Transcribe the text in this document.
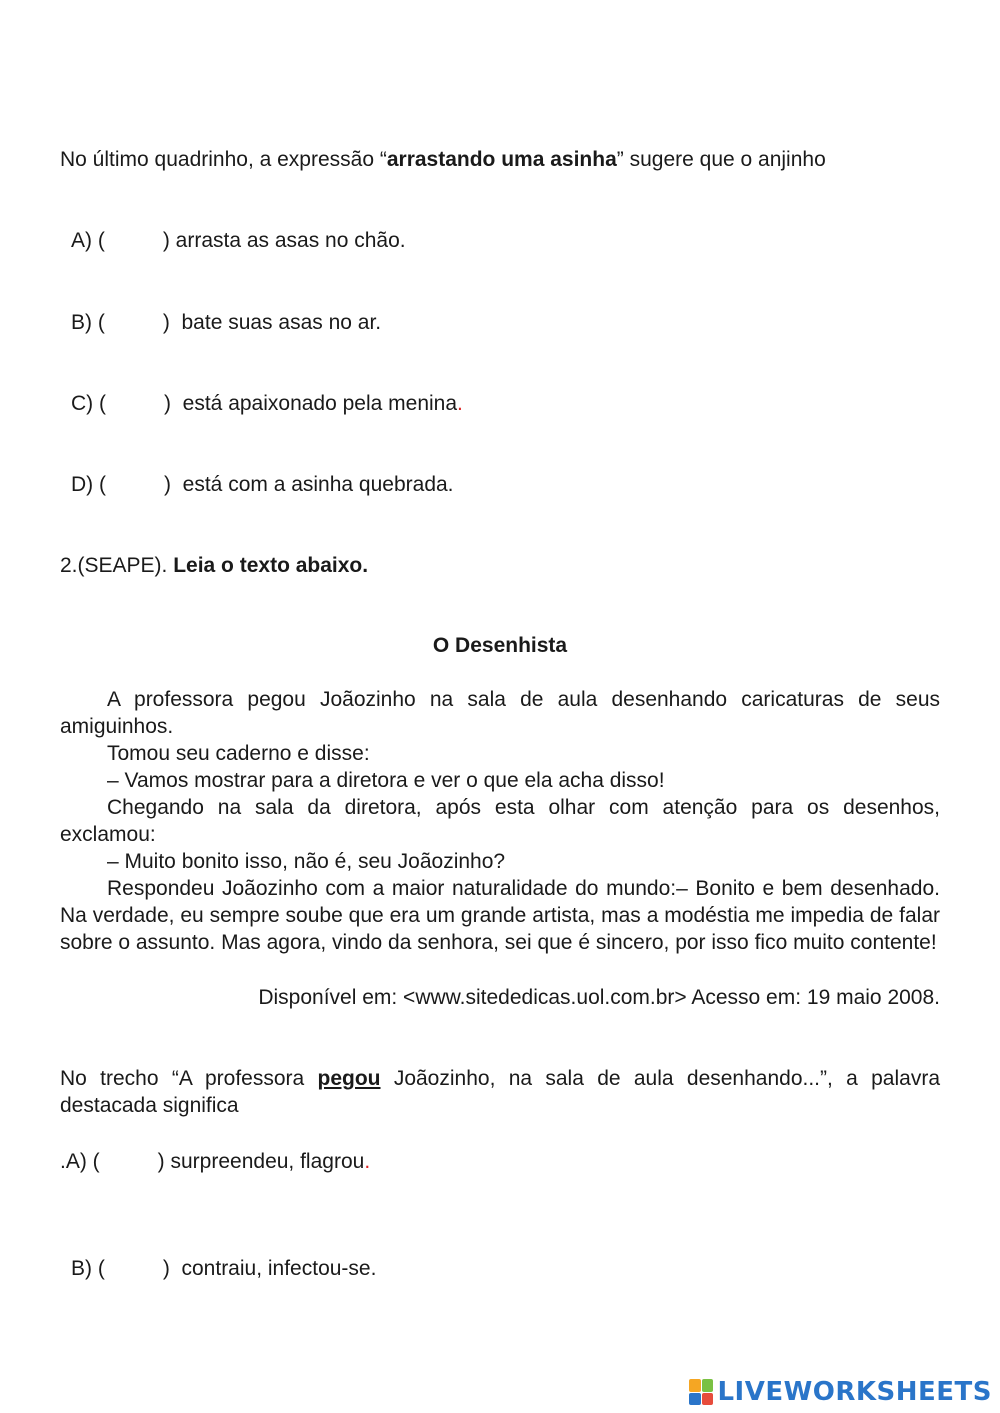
No último quadrinho, a expressão “arrastando uma asinha” sugere que o anjinho
A) (	) arrasta as asas no chão.
B) (	)  bate suas asas no ar.
C) (	)  está apaixonado pela menina.
D) (	)  está com a asinha quebrada.
2.(SEAPE). Leia o texto abaixo.
O Desenhista

A professora pegou Joãozinho na sala de aula desenhando caricaturas de seus amiguinhos.

Tomou seu caderno e disse:

– Vamos mostrar para a diretora e ver o que ela acha disso!

Chegando na sala da diretora, após esta olhar com atenção para os desenhos, exclamou:

– Muito bonito isso, não é, seu Joãozinho?

Respondeu Joãozinho com a maior naturalidade do mundo:– Bonito e bem desenhado. Na verdade, eu sempre soube que era um grande artista, mas a modéstia me impedia de falar sobre o assunto. Mas agora, vindo da senhora, sei que é sincero, por isso fico muito contente!

Disponível em: <www.sitededicas.uol.com.br> Acesso em: 19 maio 2008.
No trecho “A professora pegou Joãozinho, na sala de aula desenhando...”, a palavra
destacada significa
.A) (	) surpreendeu, flagrou.
B) (	)  contraiu, infectou-se.
LIVEWORKSHEETS
